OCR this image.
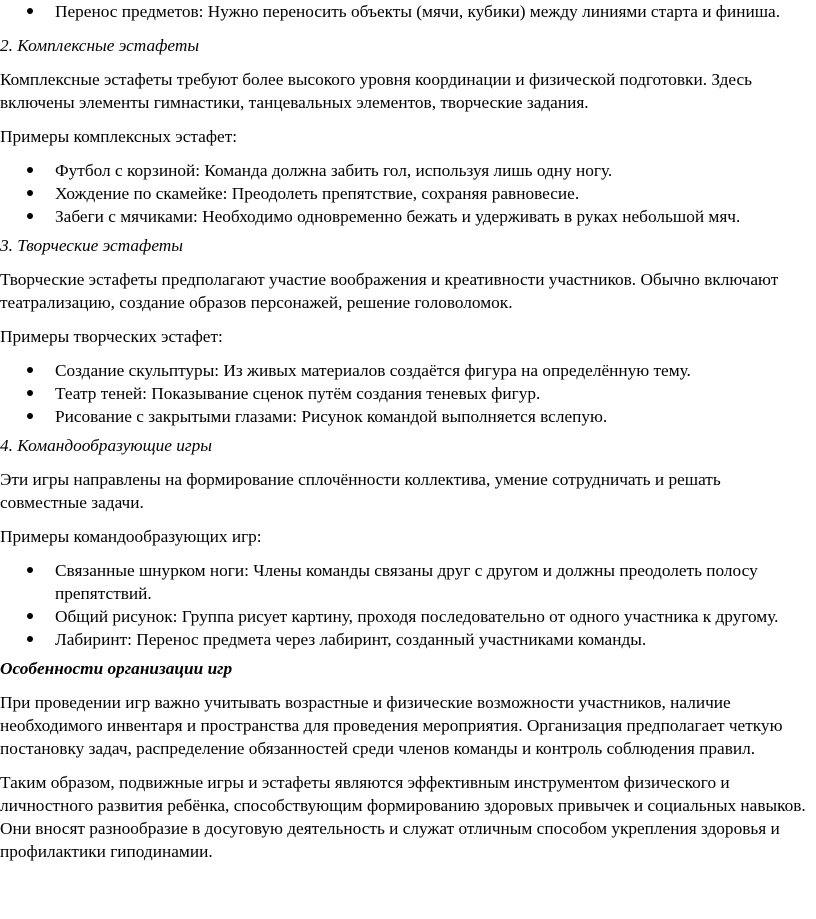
Перенос предметов: Нужно переносить объекты (мячи, кубики) между линиями старта и финиша.

2. Комплексные эстафеты

Комплексные эстафеты требуют более высокого уровня координации и физической подготовки. Здесь включены элементы гимнастики, танцевальных элементов, творческие задания.

Примеры комплексных эстафет:

Футбол с корзиной: Команда должна забить гол, используя лишь одну ногу.
Хождение по скамейке: Преодолеть препятствие, сохраняя равновесие.
Забеги с мячиками: Необходимо одновременно бежать и удерживать в руках небольшой мяч.

3. Творческие эстафеты

Творческие эстафеты предполагают участие воображения и креативности участников. Обычно включают театрализацию, создание образов персонажей, решение головоломок.

Примеры творческих эстафет:

Создание скульптуры: Из живых материалов создаётся фигура на определённую тему.
Театр теней: Показывание сценок путём создания теневых фигур.
Рисование с закрытыми глазами: Рисунок командой выполняется вслепую.

4. Командообразующие игры

Эти игры направлены на формирование сплочённости коллектива, умение сотрудничать и решать совместные задачи.

Примеры командообразующих игр:

Связанные шнурком ноги: Члены команды связаны друг с другом и должны преодолеть полосу препятствий.
Общий рисунок: Группа рисует картину, проходя последовательно от одного участника к другому.
Лабиринт: Перенос предмета через лабиринт, созданный участниками команды.

Особенности организации игр

При проведении игр важно учитывать возрастные и физические возможности участников, наличие необходимого инвентаря и пространства для проведения мероприятия. Организация предполагает четкую постановку задач, распределение обязанностей среди членов команды и контроль соблюдения правил.

Таким образом, подвижные игры и эстафеты являются эффективным инструментом физического и личностного развития ребёнка, способствующим формированию здоровых привычек и социальных навыков. Они вносят разнообразие в досуговую деятельность и служат отличным способом укрепления здоровья и профилактики гиподинамии.
